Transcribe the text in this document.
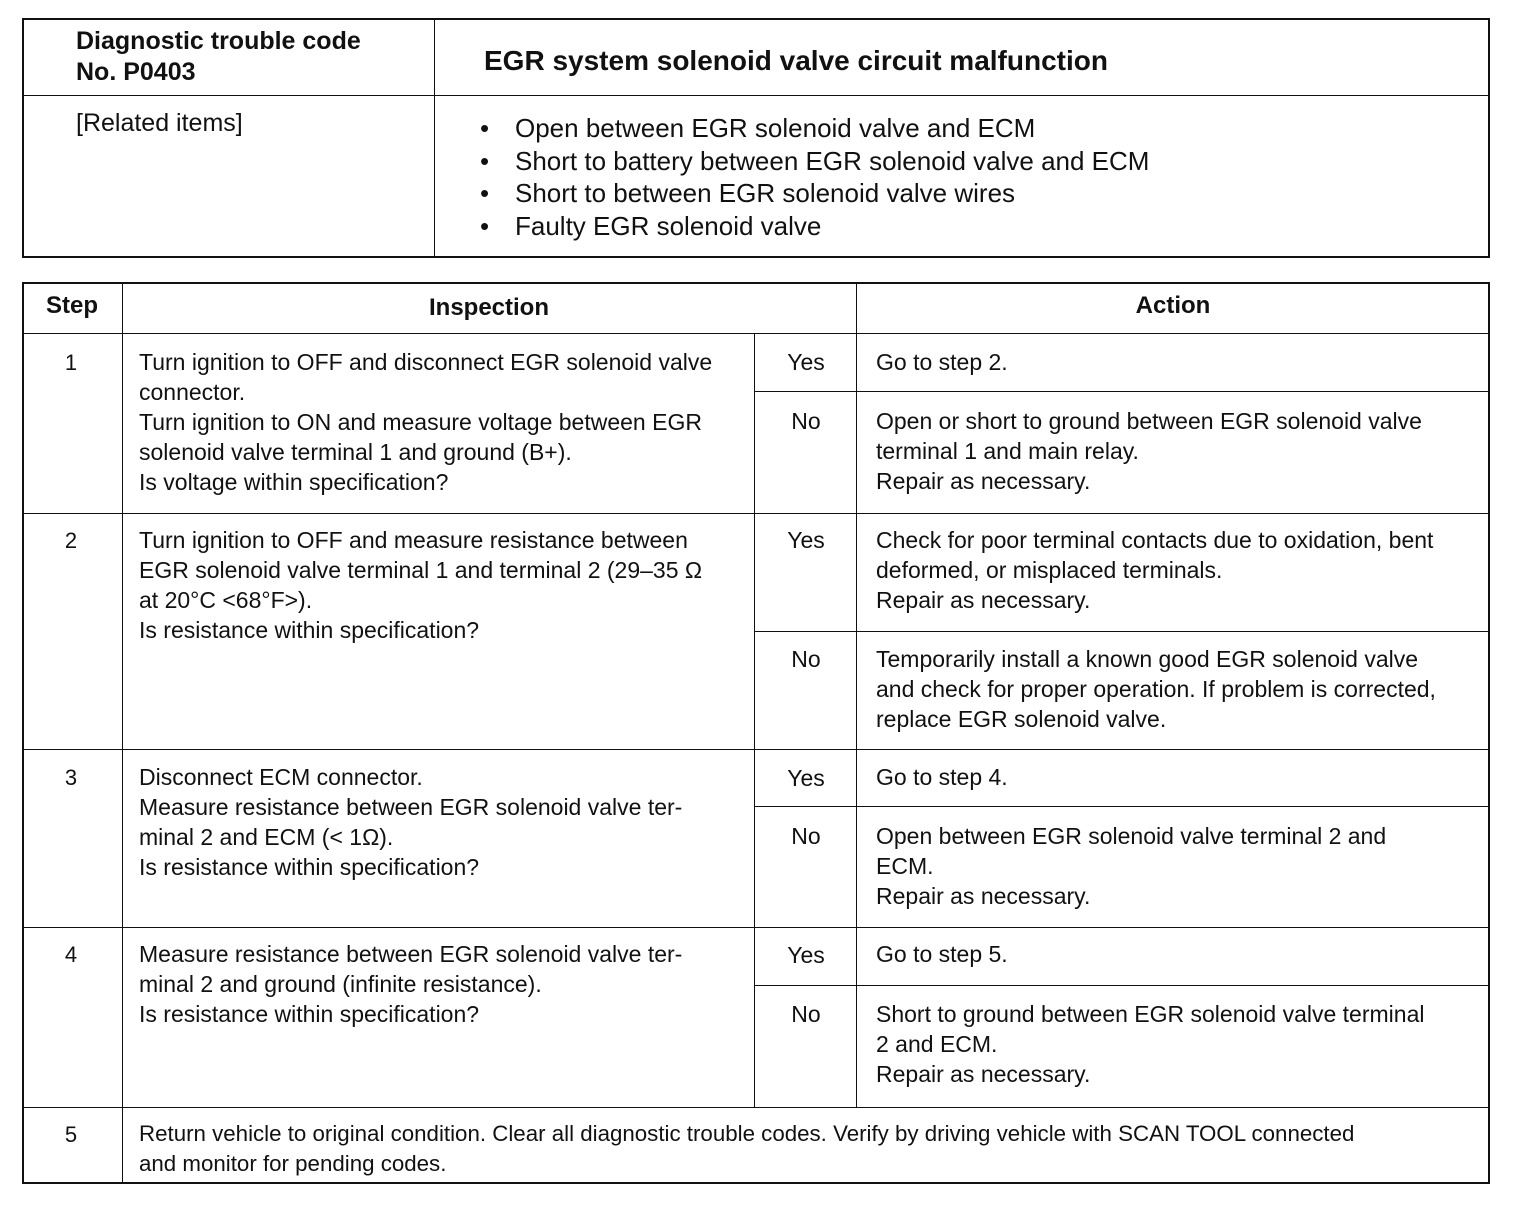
Diagnostic trouble code
No. P0403	EGR system solenoid valve circuit malfunction
[Related items]
•	Open between EGR solenoid valve and ECM
• Short to battery between EGR solenoid valve and ECM
• Short to between EGR solenoid valve wires
• Faulty EGR solenoid valve
Step	Inspection	Action
1	Turn ignition to OFF and disconnect EGR solenoid valve
connector.
Turn ignition to ON and measure voltage between EGR
solenoid valve terminal 1 and ground (B+).
Is voltage within specification?
Yes	Go to step 2.
No	Open or short to ground between EGR solenoid valve
terminal 1 and main relay.
Repair as necessary.
2	Turn ignition to OFF and measure resistance between
EGR solenoid valve terminal 1 and terminal 2 (29–35 Ω
at 20°C <68°F>).
Is resistance within specification?
Yes	Check for poor terminal contacts due to oxidation, bent
deformed, or misplaced terminals.
Repair as necessary.
No	Temporarily install a known good EGR solenoid valve
and check for proper operation. If problem is corrected,
replace EGR solenoid valve.
3	Disconnect ECM connector.
Measure resistance between EGR solenoid valve ter-
minal 2 and ECM (< 1Ω).
Is resistance within specification?
Yes	Go to step 4.
No	Open between EGR solenoid valve terminal 2 and
ECM.
Repair as necessary.
4	Measure resistance between EGR solenoid valve ter-
minal 2 and ground (infinite resistance).
Is resistance within specification?
Yes	Go to step 5.
No	Short to ground between EGR solenoid valve terminal
2 and ECM.
Repair as necessary.
5	Return vehicle to original condition. Clear all diagnostic trouble codes. Verify by driving vehicle with SCAN TOOL connected
and monitor for pending codes.
